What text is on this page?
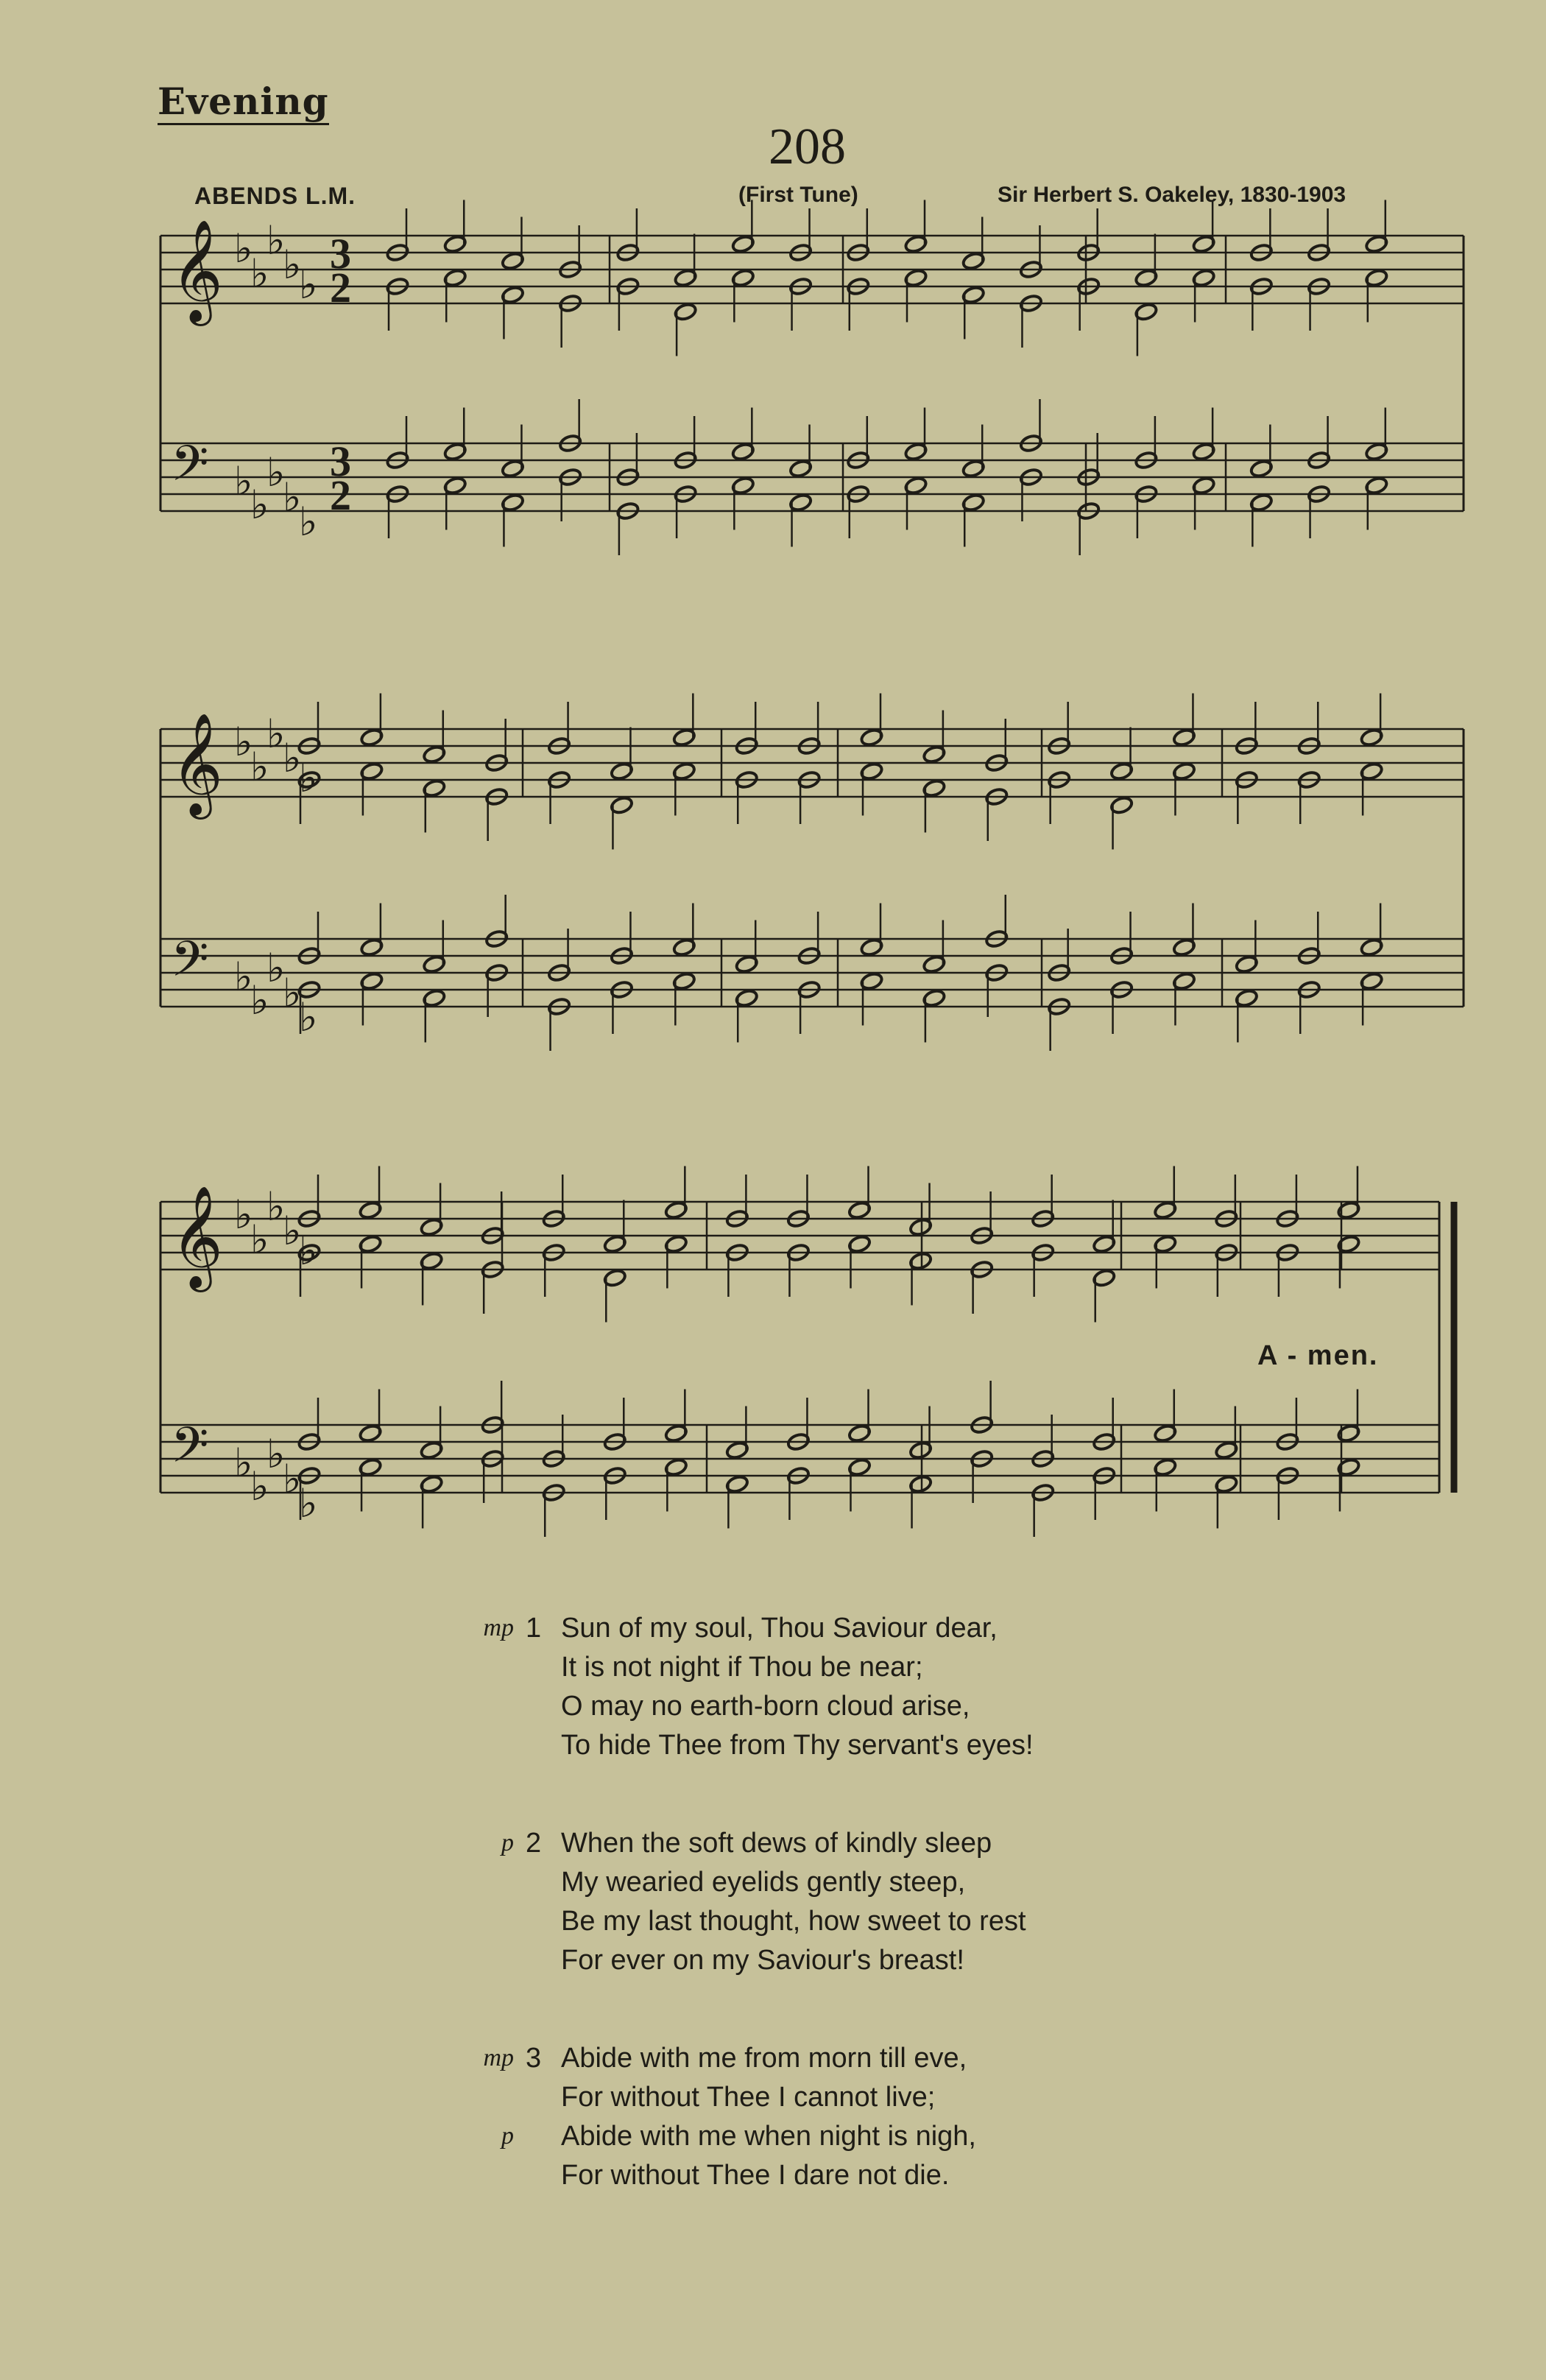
Evening
208
ABENDS L.M.	(First Tune)	Sir Herbert S. Oakeley, 1830-1903
𝄞 ♭
♭
♭
♭
♭
𝄢 ♭
♭
♭
♭
♭
3
2
3
2
𝄞 ♭
♭
♭
♭
♭
𝄢 ♭
♭
♭
♭
♭
𝄞 ♭
♭
♭
♭
♭
𝄢 ♭
♭
♭
♭
♭
A - men.
mp 1 Sun of my soul, Thou Saviour dear,
It is not night if Thou be near;
O may no earth-born cloud arise,
To hide Thee from Thy servant's eyes!
p 2 When the soft dews of kindly sleep
My wearied eyelids gently steep,
Be my last thought, how sweet to rest
For ever on my Saviour's breast!
mp 3 Abide with me from morn till eve,
For without Thee I cannot live;
Abide with me when night is nigh,
p
For without Thee I dare not die.
